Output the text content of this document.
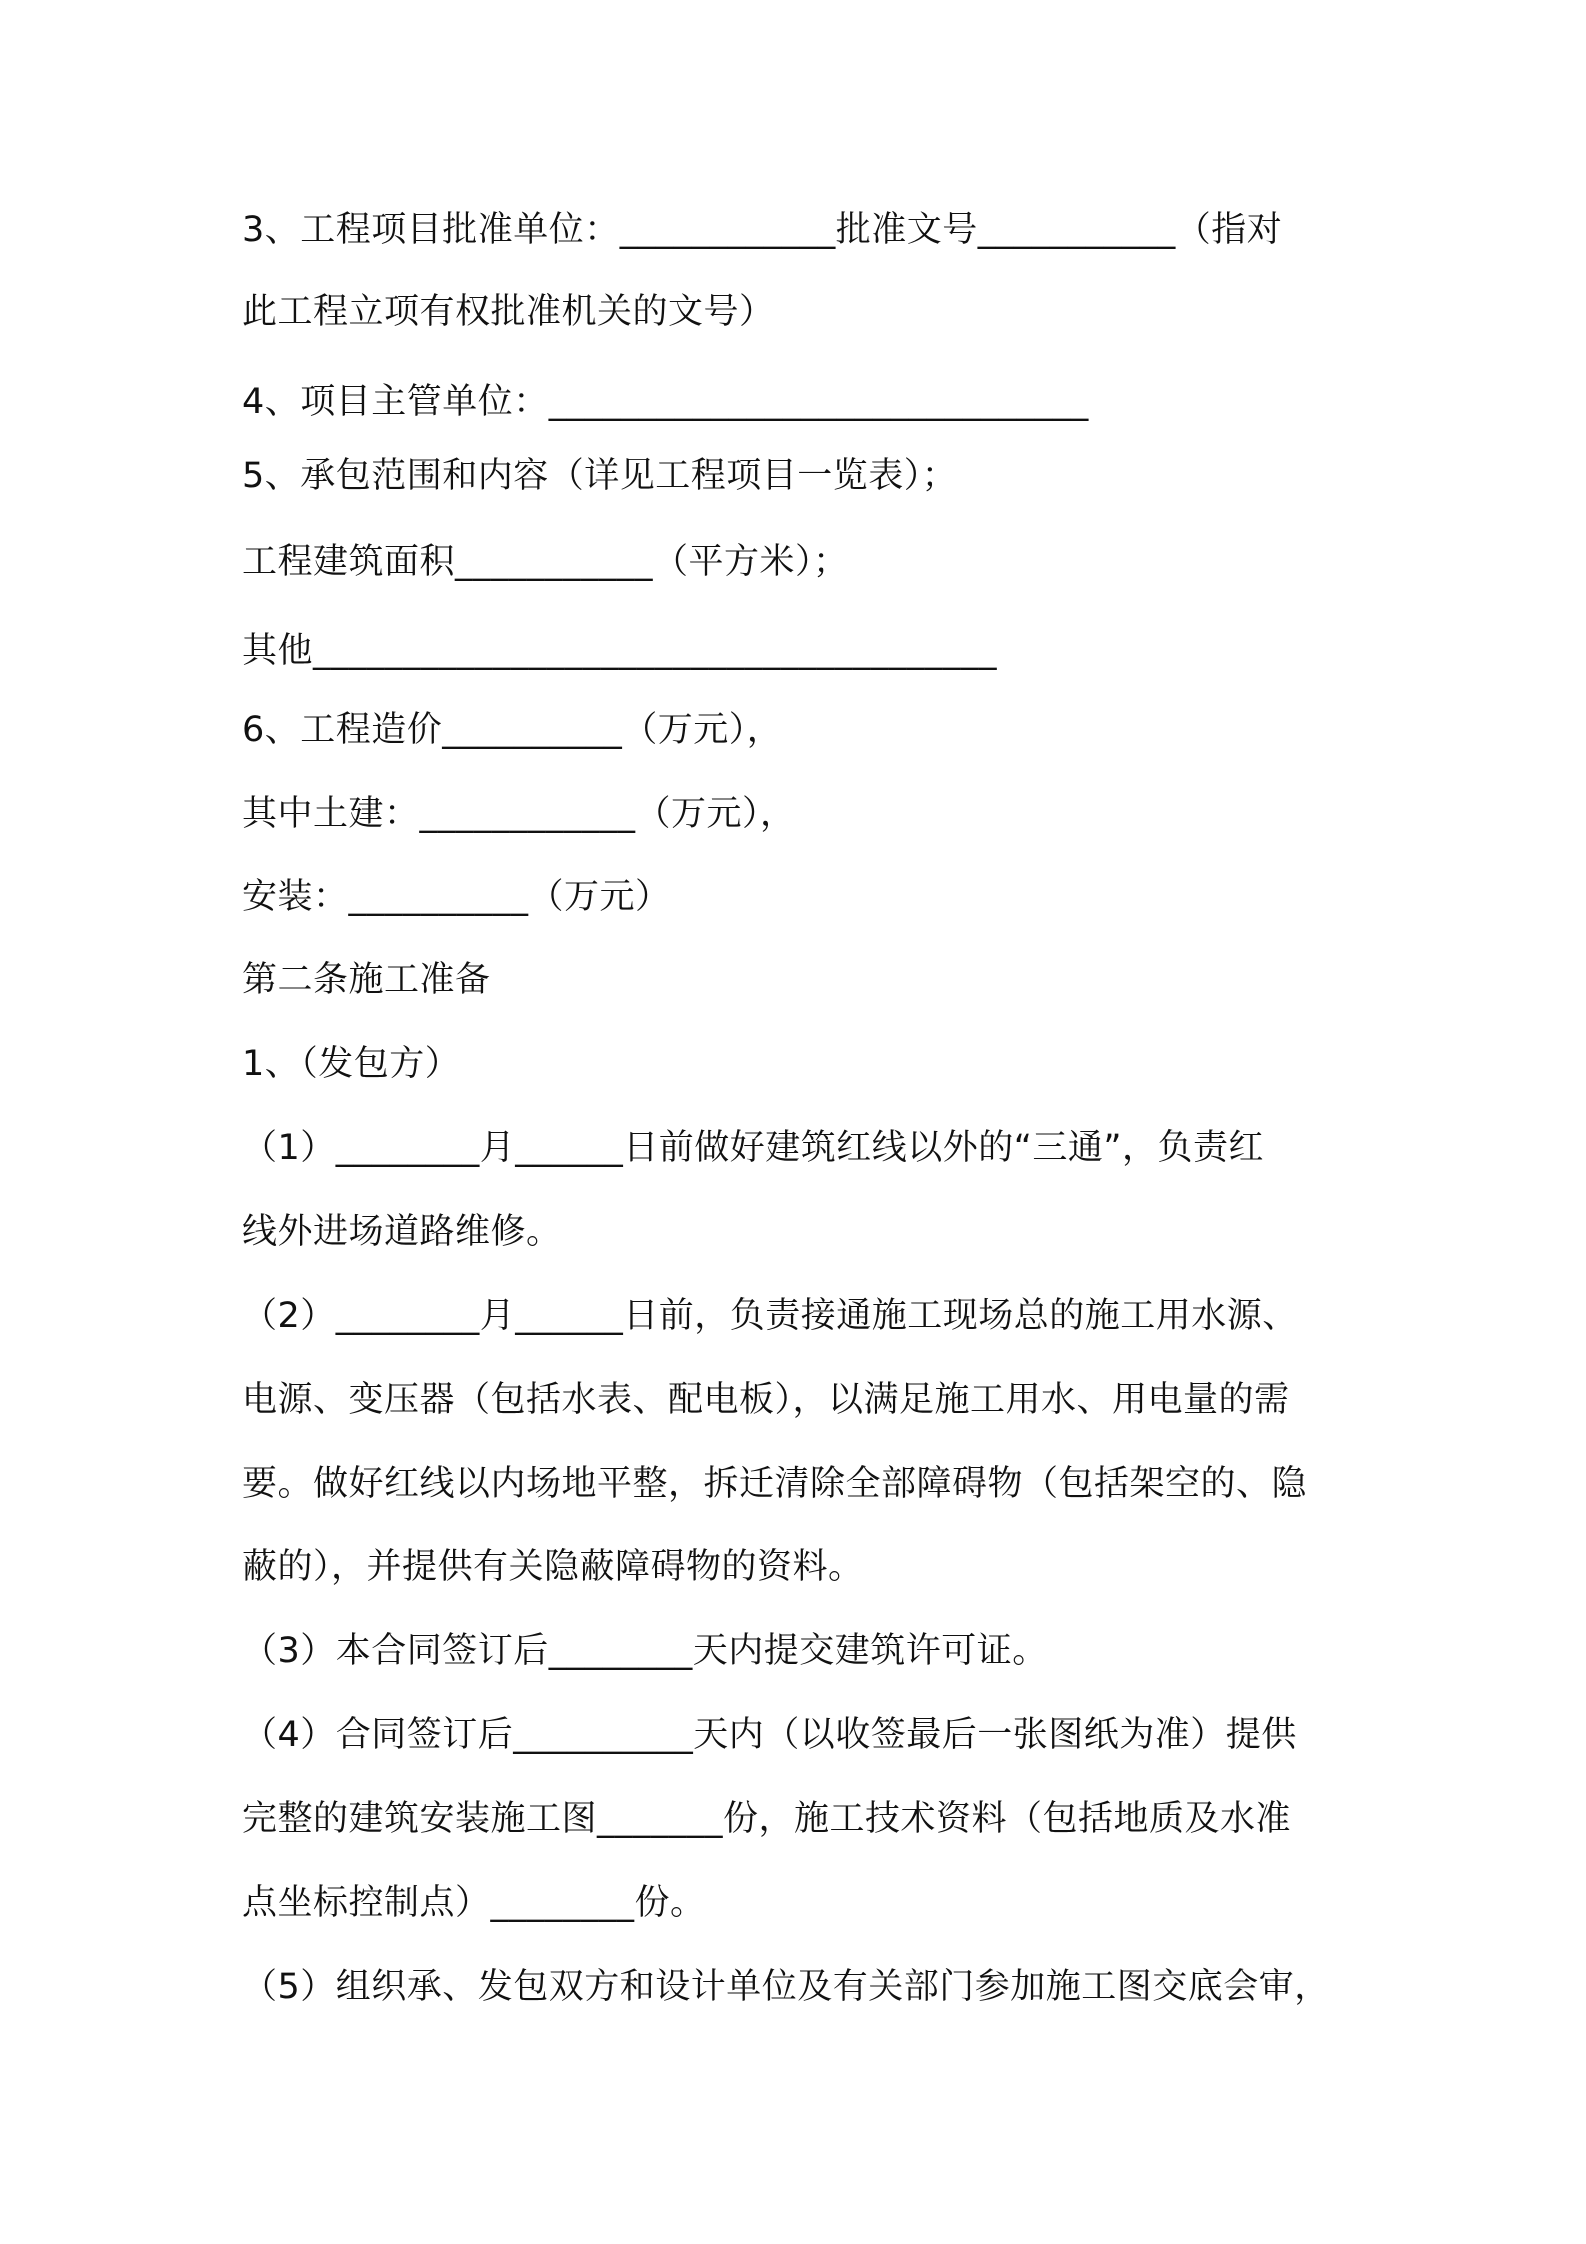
3、工程项目批准单位：____________批准文号___________（指对
此工程立项有权批准机关的文号）
4、项目主管单位：______________________________
5、承包范围和内容（详见工程项目一览表）；
工程建筑面积___________（平方米）；
其他______________________________________
6、工程造价__________（万元），
其中土建：____________（万元），
安装：__________（万元）
第二条施工准备
1、（发包方）
（1）________月______日前做好建筑红线以外的“三通”，负责红
线外进场道路维修。
（2）________月______日前，负责接通施工现场总的施工用水源、
电源、变压器（包括水表、配电板），以满足施工用水、用电量的需
要。做好红线以内场地平整，拆迁清除全部障碍物（包括架空的、隐
蔽的），并提供有关隐蔽障碍物的资料。
（3）本合同签订后________天内提交建筑许可证。
（4）合同签订后__________天内（以收签最后一张图纸为准）提供
完整的建筑安装施工图_______份，施工技术资料（包括地质及水准
点坐标控制点）________份。
（5）组织承、发包双方和设计单位及有关部门参加施工图交底会审，
